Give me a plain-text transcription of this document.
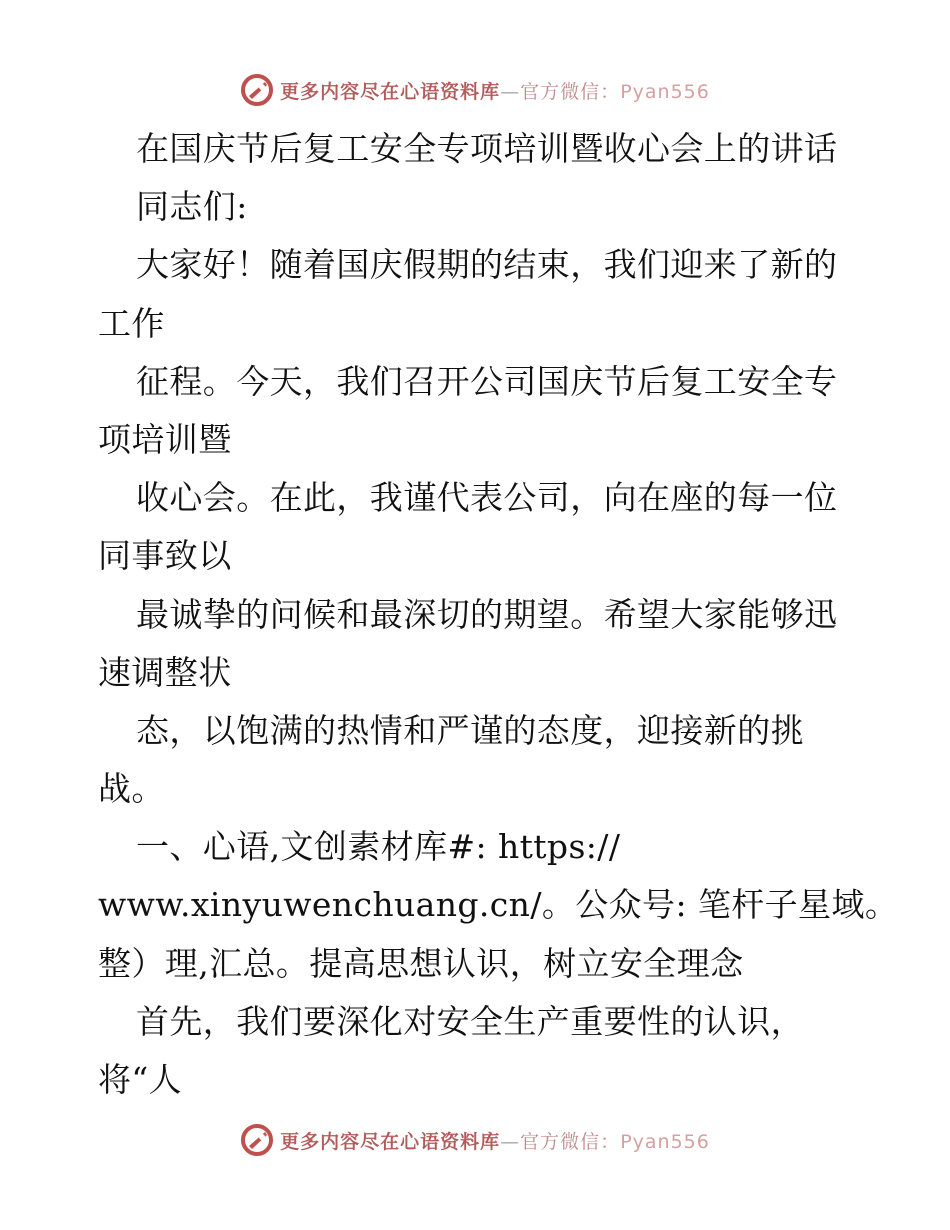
更多内容尽在心语资料库—官方微信：Pyan556
在国庆节后复工安全专项培训暨收心会上的讲话
同志们:
大家好！随着国庆假期的结束，我们迎来了新的
工作
征程。今天，我们召开公司国庆节后复工安全专
项培训暨
收心会。在此，我谨代表公司，向在座的每一位
同事致以
最诚挚的问候和最深切的期望。希望大家能够迅
速调整状
态，以饱满的热情和严谨的态度，迎接新的挑
战。
一、心语,文创素材库#: https://
www.xinyuwenchuang.cn/。公众号: 笔杆子星域。
整）理,汇总。提高思想认识，树立安全理念
首先，我们要深化对安全生产重要性的认识，
将“人
更多内容尽在心语资料库—官方微信：Pyan556
